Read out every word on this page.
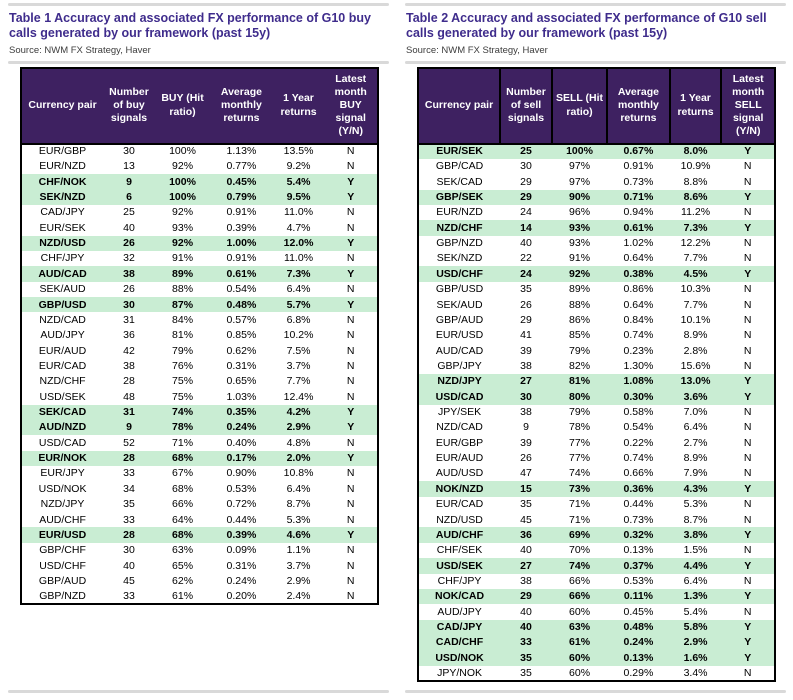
Table 1 Accuracy and associated FX performance of G10 buy calls generated by our framework (past 15y)
Source: NWM FX Strategy, Haver
Currency pair	Number of buy signals	BUY (Hit ratio)	Average monthly returns	1 Year returns	Latest month BUY signal (Y/N)
EUR/GBP	30	100%	1.13%	13.5%	N
EUR/NZD	13	92%	0.77%	9.2%	N
CHF/NOK	9	100%	0.45%	5.4%	Y
SEK/NZD	6	100%	0.79%	9.5%	Y
CAD/JPY	25	92%	0.91%	11.0%	N
EUR/SEK	40	93%	0.39%	4.7%	N
NZD/USD	26	92%	1.00%	12.0%	Y
CHF/JPY	32	91%	0.91%	11.0%	N
AUD/CAD	38	89%	0.61%	7.3%	Y
SEK/AUD	26	88%	0.54%	6.4%	N
GBP/USD	30	87%	0.48%	5.7%	Y
NZD/CAD	31	84%	0.57%	6.8%	N
AUD/JPY	36	81%	0.85%	10.2%	N
EUR/AUD	42	79%	0.62%	7.5%	N
EUR/CAD	38	76%	0.31%	3.7%	N
NZD/CHF	28	75%	0.65%	7.7%	N
USD/SEK	48	75%	1.03%	12.4%	N
SEK/CAD	31	74%	0.35%	4.2%	Y
AUD/NZD	9	78%	0.24%	2.9%	Y
USD/CAD	52	71%	0.40%	4.8%	N
EUR/NOK	28	68%	0.17%	2.0%	Y
EUR/JPY	33	67%	0.90%	10.8%	N
USD/NOK	34	68%	0.53%	6.4%	N
NZD/JPY	35	66%	0.72%	8.7%	N
AUD/CHF	33	64%	0.44%	5.3%	N
EUR/USD	28	68%	0.39%	4.6%	Y
GBP/CHF	30	63%	0.09%	1.1%	N
USD/CHF	40	65%	0.31%	3.7%	N
GBP/AUD	45	62%	0.24%	2.9%	N
GBP/NZD	33	61%	0.20%	2.4%	N
Table 2 Accuracy and associated FX performance of G10 sell calls generated by our framework (past 15y)
Source: NWM FX Strategy, Haver
Currency pair	Number of sell signals	SELL (Hit ratio)	Average monthly returns	1 Year returns	Latest month SELL signal (Y/N)
EUR/SEK	25	100%	0.67%	8.0%	Y
GBP/CAD	30	97%	0.91%	10.9%	N
SEK/CAD	29	97%	0.73%	8.8%	N
GBP/SEK	29	90%	0.71%	8.6%	Y
EUR/NZD	24	96%	0.94%	11.2%	N
NZD/CHF	14	93%	0.61%	7.3%	Y
GBP/NZD	40	93%	1.02%	12.2%	N
SEK/NZD	22	91%	0.64%	7.7%	N
USD/CHF	24	92%	0.38%	4.5%	Y
GBP/USD	35	89%	0.86%	10.3%	N
SEK/AUD	26	88%	0.64%	7.7%	N
GBP/AUD	29	86%	0.84%	10.1%	N
EUR/USD	41	85%	0.74%	8.9%	N
AUD/CAD	39	79%	0.23%	2.8%	N
GBP/JPY	38	82%	1.30%	15.6%	N
NZD/JPY	27	81%	1.08%	13.0%	Y
USD/CAD	30	80%	0.30%	3.6%	Y
JPY/SEK	38	79%	0.58%	7.0%	N
NZD/CAD	9	78%	0.54%	6.4%	N
EUR/GBP	39	77%	0.22%	2.7%	N
EUR/AUD	26	77%	0.74%	8.9%	N
AUD/USD	47	74%	0.66%	7.9%	N
NOK/NZD	15	73%	0.36%	4.3%	Y
EUR/CAD	35	71%	0.44%	5.3%	N
NZD/USD	45	71%	0.73%	8.7%	N
AUD/CHF	36	69%	0.32%	3.8%	Y
CHF/SEK	40	70%	0.13%	1.5%	N
USD/SEK	27	74%	0.37%	4.4%	Y
CHF/JPY	38	66%	0.53%	6.4%	N
NOK/CAD	29	66%	0.11%	1.3%	Y
AUD/JPY	40	60%	0.45%	5.4%	N
CAD/JPY	40	63%	0.48%	5.8%	Y
CAD/CHF	33	61%	0.24%	2.9%	Y
USD/NOK	35	60%	0.13%	1.6%	Y
JPY/NOK	35	60%	0.29%	3.4%	N
